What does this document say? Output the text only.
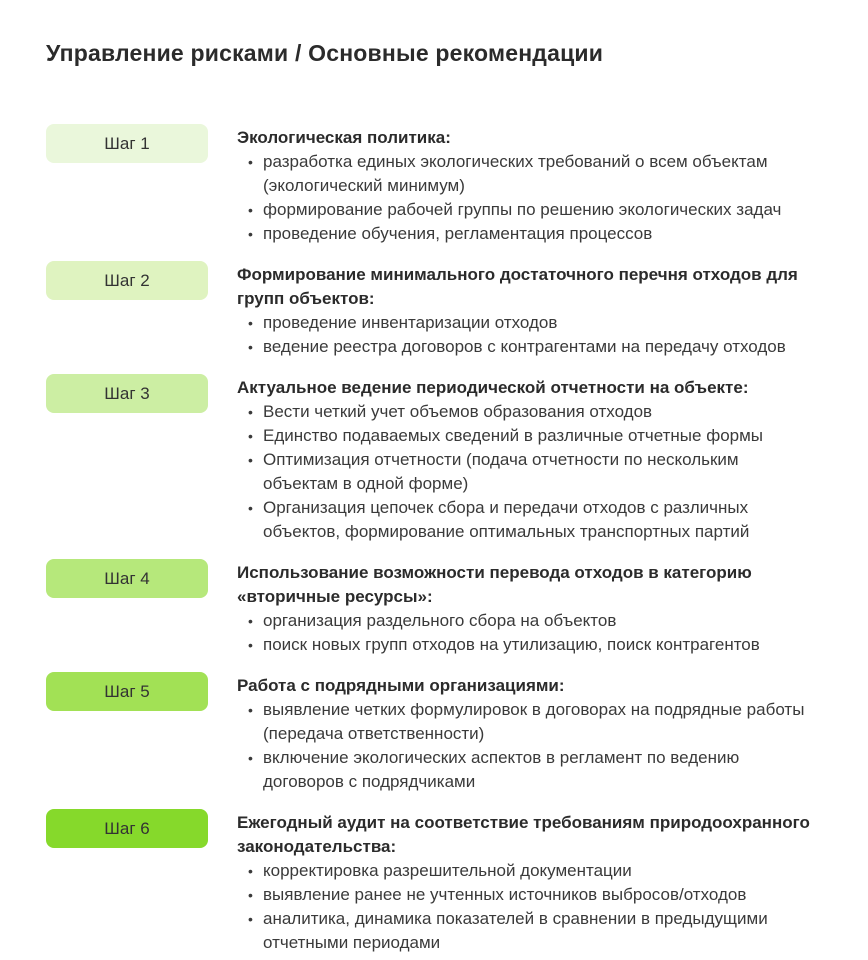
Управление рисками / Основные рекомендации
Шаг 1	Экологическая политика:
• разработка единых экологических требований о всем объектам (экологический минимум)
• формирование рабочей группы по решению экологических задач
• проведение обучения, регламентация процессов
Шаг 2	Формирование минимального достаточного перечня отходов для групп объектов:
• проведение инвентаризации отходов
• ведение реестра договоров с контрагентами на передачу отходов
Шаг 3	Актуальное ведение периодической отчетности на объекте:
• Вести четкий учет объемов образования отходов
• Единство подаваемых сведений в различные отчетные формы
• Оптимизация отчетности (подача отчетности по нескольким объектам в одной форме)
• Организация цепочек сбора и передачи отходов с различных объектов, формирование оптимальных транспортных партий
Шаг 4	Использование возможности перевода отходов в категорию «вторичные ресурсы»:
• организация раздельного сбора на объектов
• поиск новых групп отходов на утилизацию, поиск контрагентов
Шаг 5	Работа с подрядными организациями:
• выявление четких формулировок в договорах на подрядные работы (передача ответственности)
• включение экологических аспектов в регламент по ведению договоров с подрядчиками
Шаг 6	Ежегодный аудит на соответствие требованиям природоохранного законодательства:
• корректировка разрешительной документации
• выявление ранее не учтенных источников выбросов/отходов
• аналитика, динамика показателей в сравнении в предыдущими отчетными периодами
